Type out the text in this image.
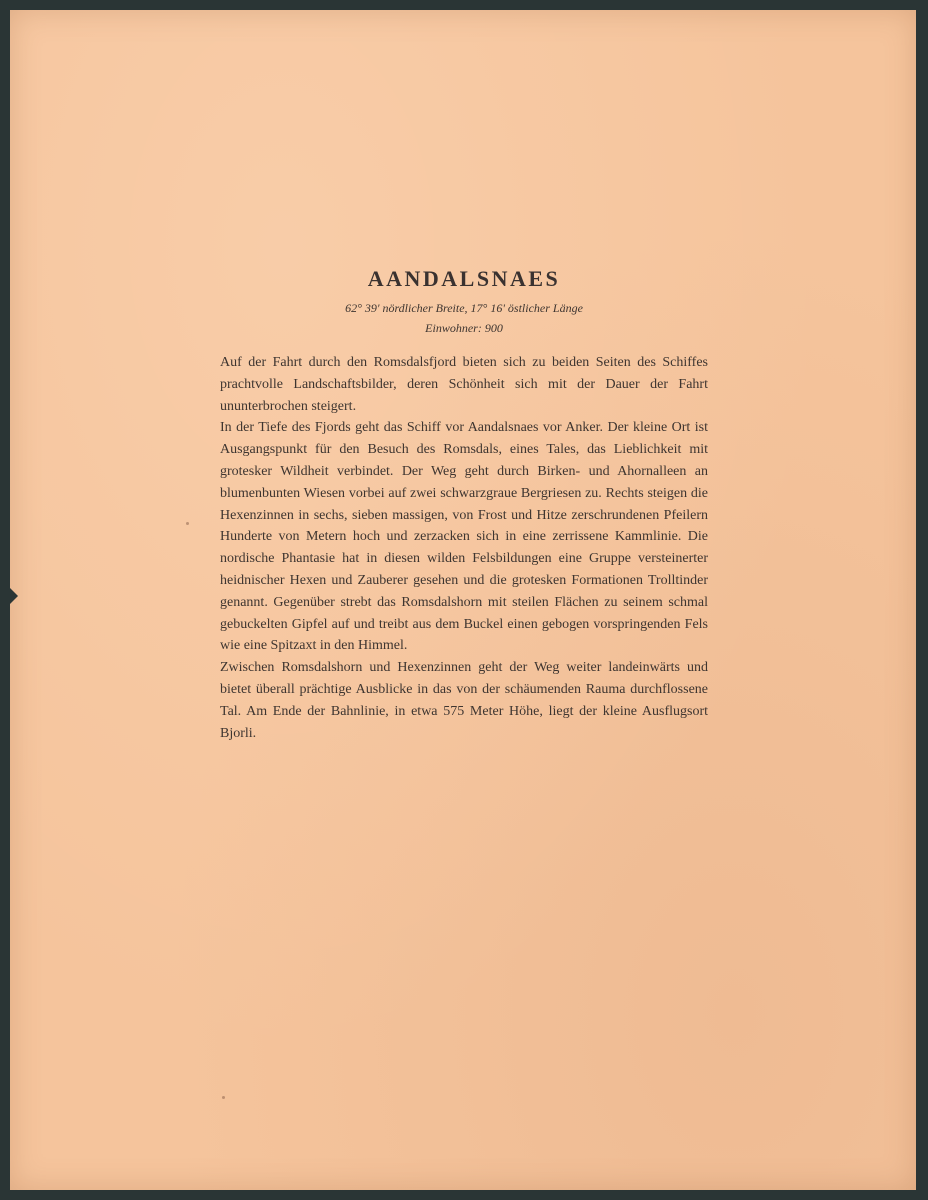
AANDALSNAES
62° 39' nördlicher Breite, 17° 16' östlicher Länge
Einwohner: 900

Auf der Fahrt durch den Romsdalsfjord bieten sich zu beiden Seiten des Schiffes prachtvolle Landschaftsbilder, deren Schönheit sich mit der Dauer der Fahrt ununterbrochen steigert.

In der Tiefe des Fjords geht das Schiff vor Aandalsnaes vor Anker. Der kleine Ort ist Ausgangspunkt für den Besuch des Romsdals, eines Tales, das Lieblichkeit mit grotesker Wildheit verbindet. Der Weg geht durch Birken- und Ahornalleen an blumenbunten Wiesen vorbei auf zwei schwarzgraue Bergriesen zu. Rechts steigen die Hexenzinnen in sechs, sieben massigen, von Frost und Hitze zerschrundenen Pfeilern Hunderte von Metern hoch und zerzacken sich in eine zerrissene Kammlinie. Die nordische Phantasie hat in diesen wilden Felsbildungen eine Gruppe versteinerter heidnischer Hexen und Zauberer gesehen und die grotesken Formationen Trolltinder genannt. Gegenüber strebt das Romsdalshorn mit steilen Flächen zu seinem schmal gebuckelten Gipfel auf und treibt aus dem Buckel einen gebogen vorspringenden Fels wie eine Spitzaxt in den Himmel.

Zwischen Romsdalshorn und Hexenzinnen geht der Weg weiter landeinwärts und bietet überall prächtige Ausblicke in das von der schäumenden Rauma durchflossene Tal. Am Ende der Bahnlinie, in etwa 575 Meter Höhe, liegt der kleine Ausflugsort Bjorli.
